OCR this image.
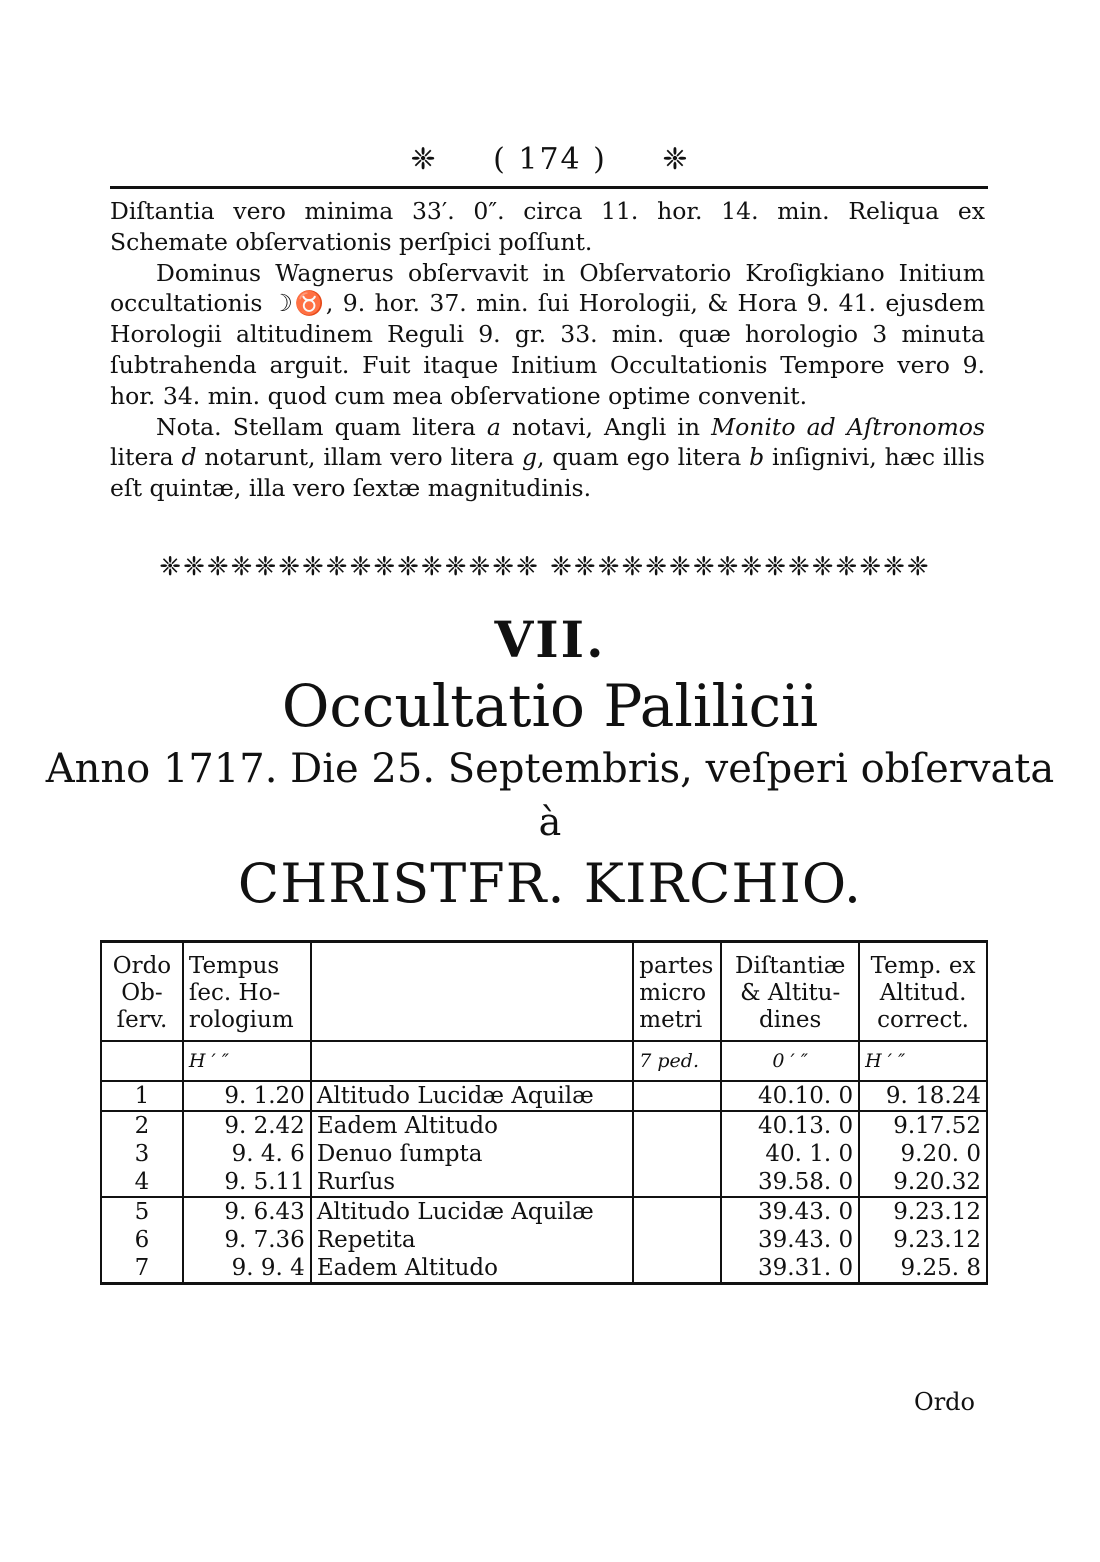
❈ ( 174 ) ❈

Diſtantia vero minima 33′. 0″. circa 11. hor. 14. min. Reliqua ex Schemate obſervationis perſpici poſſunt.

Dominus Wagnerus obſervavit in Obſervatorio Kroſigkiano Initium occultationis ☽♉, 9. hor. 37. min. ſui Horologii, & Hora 9. 41. ejusdem Horologii altitudinem Reguli 9. gr. 33. min. quæ horologio 3 minuta ſubtrahenda arguit. Fuit itaque Initium Occultationis Tempore vero 9. hor. 34. min. quod cum mea obſervatione optime convenit.

Nota. Stellam quam litera a notavi, Angli in Monito ad Aſtronomos litera d notarunt, illam vero litera g, quam ego litera b inſignivi, hæc illis eſt quintæ, illa vero ſextæ magnitudinis.

❈❈❈❈❈❈❈❈❈❈❈❈❈❈❈❈ ❈❈❈❈❈❈❈❈❈❈❈❈❈❈❈❈
VII.
Occultatio Palilicii
Anno 1717. Die 25. Septembris, veſperi obſervata
à
CHRISTFR. KIRCHIO.
Ordo Ob- ſerv.	Tempus ſec. Ho- rologium		partes micro metri	Diſtantiæ & Altitu- dines	Temp. ex Altitud. correct.
	H ′ ″		7 ped.	0 ′ ″	H ′ ″
1	9. 1.20	Altitudo Lucidæ Aquilæ		40.10. 0	9. 18.24
2	9. 2.42	Eadem Altitudo		40.13. 0	9.17.52
3	9. 4. 6	Denuo ſumpta		40. 1. 0	9.20. 0
4	9. 5.11	Rurſus		39.58. 0	9.20.32
5	9. 6.43	Altitudo Lucidæ Aquilæ		39.43. 0	9.23.12
6	9. 7.36	Repetita		39.43. 0	9.23.12
7	9. 9. 4	Eadem Altitudo		39.31. 0	9.25. 8
Ordo
